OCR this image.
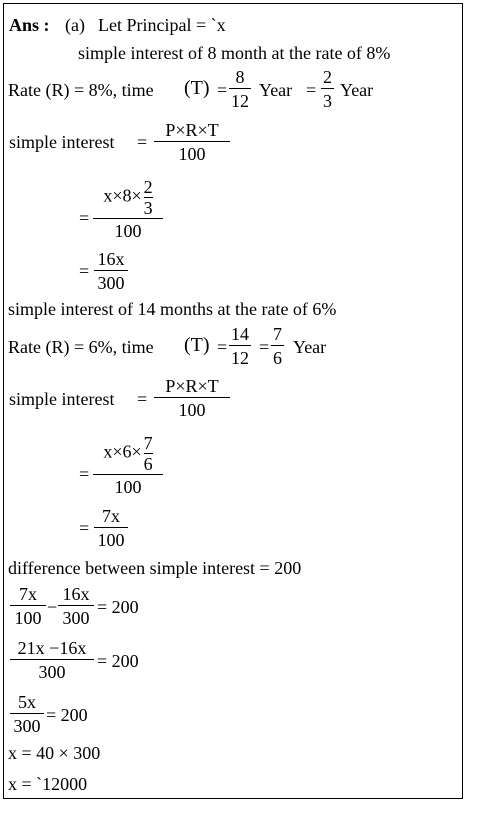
Ans : (a) Let Principal = `x
simple interest of 8 month at the rate of 8%
Rate (R) = 8%, time (T) =
8
12
Year =
2
3
Year
simple interest =
P×R×T
100
=
$x\times 8\times \frac{2}{3}$
100
=
16x
300
simple interest of 14 months at the rate of 6%
Rate (R) = 6%, time (T) =
14
12
=
7
6
Year
simple interest =
P×R×T
100
=
$x\times 6\times \frac{7}{6}$
100
=
7x
100
difference between simple interest = 200
7x
100
−
16x
300
= 200
21x −16x
300
= 200
5x
300
= 200
x = 40 × 300
x = `12000
